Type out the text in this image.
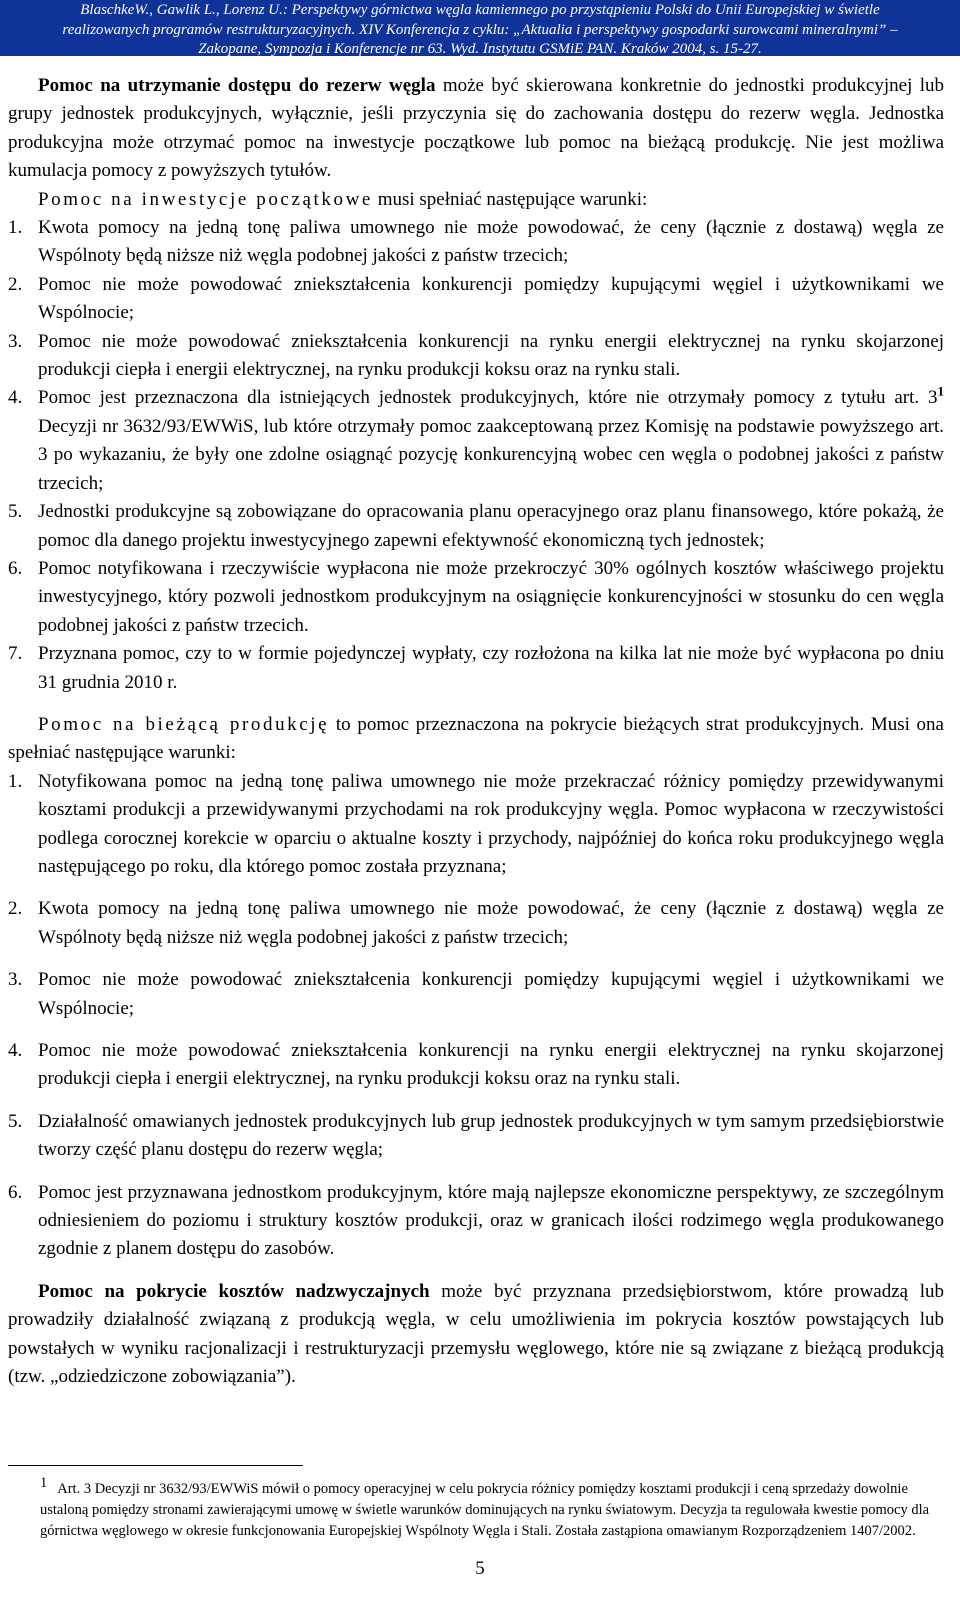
BlaschkeW., Gawlik L., Lorenz U.: Perspektywy górnictwa węgla kamiennego po przystąpieniu Polski do Unii Europejskiej w świetle
realizowanych programów restrukturyzacyjnych. XIV Konferencja z cyklu: „Aktualia i perspektywy gospodarki surowcami mineralnymi” –
Zakopane, Sympozja i Konferencje nr 63. Wyd. Instytutu GSMiE PAN. Kraków 2004, s. 15-27.

Pomoc na utrzymanie dostępu do rezerw węgla może być skierowana konkretnie do jednostki produkcyjnej lub grupy jednostek produkcyjnych, wyłącznie, jeśli przyczynia się do zachowania dostępu do rezerw węgla. Jednostka produkcyjna może otrzymać pomoc na inwestycje początkowe lub pomoc na bieżącą produkcję. Nie jest możliwa kumulacja pomocy z powyższych tytułów.

Pomoc na inwestycje początkowe musi spełniać następujące warunki:

1. Kwota pomocy na jedną tonę paliwa umownego nie może powodować, że ceny (łącznie z dostawą) węgla ze Wspólnoty będą niższe niż węgla podobnej jakości z państw trzecich;
2. Pomoc nie może powodować zniekształcenia konkurencji pomiędzy kupującymi węgiel i użytkownikami we Wspólnocie;
3. Pomoc nie może powodować zniekształcenia konkurencji na rynku energii elektrycznej na rynku skojarzonej produkcji ciepła i energii elektrycznej, na rynku produkcji koksu oraz na rynku stali.
4. Pomoc jest przeznaczona dla istniejących jednostek produkcyjnych, które nie otrzymały pomocy z tytułu art. $3^1$ Decyzji nr 3632/93/EWWiS, lub które otrzymały pomoc zaakceptowaną przez Komisję na podstawie powyższego art. 3 po wykazaniu, że były one zdolne osiągnąć pozycję konkurencyjną wobec cen węgla o podobnej jakości z państw trzecich;
5. Jednostki produkcyjne są zobowiązane do opracowania planu operacyjnego oraz planu finansowego, które pokażą, że pomoc dla danego projektu inwestycyjnego zapewni efektywność ekonomiczną tych jednostek;
6. Pomoc notyfikowana i rzeczywiście wypłacona nie może przekroczyć 30% ogólnych kosztów właściwego projektu inwestycyjnego, który pozwoli jednostkom produkcyjnym na osiągnięcie konkurencyjności w stosunku do cen węgla podobnej jakości z państw trzecich.
7. Przyznana pomoc, czy to w formie pojedynczej wypłaty, czy rozłożona na kilka lat nie może być wypłacona po dniu 31 grudnia 2010 r.

Pomoc na bieżącą produkcję to pomoc przeznaczona na pokrycie bieżących strat produkcyjnych. Musi ona spełniać następujące warunki:

1. Notyfikowana pomoc na jedną tonę paliwa umownego nie może przekraczać różnicy pomiędzy przewidywanymi kosztami produkcji a przewidywanymi przychodami na rok produkcyjny węgla. Pomoc wypłacona w rzeczywistości podlega corocznej korekcie w oparciu o aktualne koszty i przychody, najpóźniej do końca roku produkcyjnego węgla następującego po roku, dla którego pomoc została przyznana;
2. Kwota pomocy na jedną tonę paliwa umownego nie może powodować, że ceny (łącznie z dostawą) węgla ze Wspólnoty będą niższe niż węgla podobnej jakości z państw trzecich;
3. Pomoc nie może powodować zniekształcenia konkurencji pomiędzy kupującymi węgiel i użytkownikami we Wspólnocie;
4. Pomoc nie może powodować zniekształcenia konkurencji na rynku energii elektrycznej na rynku skojarzonej produkcji ciepła i energii elektrycznej, na rynku produkcji koksu oraz na rynku stali.
5. Działalność omawianych jednostek produkcyjnych lub grup jednostek produkcyjnych w tym samym przedsiębiorstwie tworzy część planu dostępu do rezerw węgla;
6. Pomoc jest przyznawana jednostkom produkcyjnym, które mają najlepsze ekonomiczne perspektywy, ze szczególnym odniesieniem do poziomu i struktury kosztów produkcji, oraz w granicach ilości rodzimego węgla produkowanego zgodnie z planem dostępu do zasobów.

Pomoc na pokrycie kosztów nadzwyczajnych może być przyznana przedsiębiorstwom, które prowadzą lub prowadziły działalność związaną z produkcją węgla, w celu umożliwienia im pokrycia kosztów powstających lub powstałych w wyniku racjonalizacji i restrukturyzacji przemysłu węglowego, które nie są związane z bieżącą produkcją (tzw. „odziedziczone zobowiązania”).

1 Art. 3 Decyzji nr 3632/93/EWWiS mówił o pomocy operacyjnej w celu pokrycia różnicy pomiędzy kosztami produkcji i ceną sprzedaży dowolnie ustaloną pomiędzy stronami zawierającymi umowę w świetle warunków dominujących na rynku światowym. Decyzja ta regulowała kwestie pomocy dla górnictwa węglowego w okresie funkcjonowania Europejskiej Wspólnoty Węgla i Stali. Została zastąpiona omawianym Rozporządzeniem 1407/2002.
5
